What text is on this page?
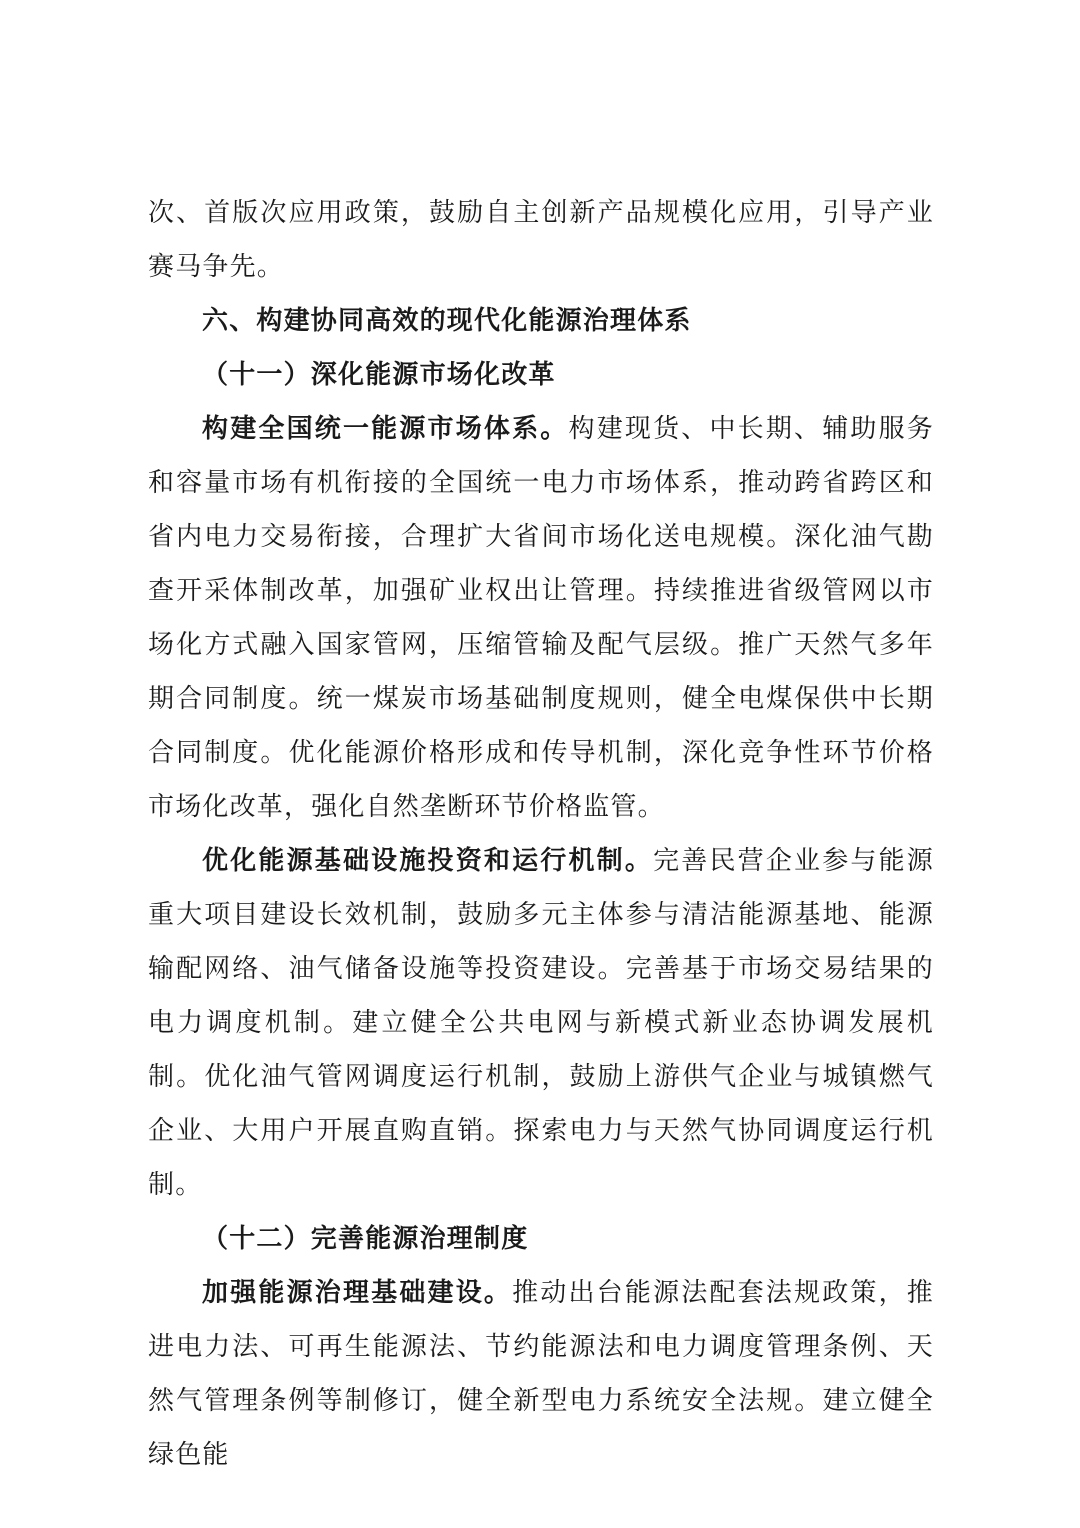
次、首版次应用政策，鼓励自主创新产品规模化应用，引导产业赛马争先。

六、构建协同高效的现代化能源治理体系

（十一）深化能源市场化改革

构建全国统一能源市场体系。构建现货、中长期、辅助服务和容量市场有机衔接的全国统一电力市场体系，推动跨省跨区和省内电力交易衔接，合理扩大省间市场化送电规模。深化油气勘查开采体制改革，加强矿业权出让管理。持续推进省级管网以市场化方式融入国家管网，压缩管输及配气层级。推广天然气多年期合同制度。统一煤炭市场基础制度规则，健全电煤保供中长期合同制度。优化能源价格形成和传导机制，深化竞争性环节价格市场化改革，强化自然垄断环节价格监管。

优化能源基础设施投资和运行机制。完善民营企业参与能源重大项目建设长效机制，鼓励多元主体参与清洁能源基地、能源输配网络、油气储备设施等投资建设。完善基于市场交易结果的电力调度机制。建立健全公共电网与新模式新业态协调发展机制。优化油气管网调度运行机制，鼓励上游供气企业与城镇燃气企业、大用户开展直购直销。探索电力与天然气协同调度运行机制。

（十二）完善能源治理制度

加强能源治理基础建设。推动出台能源法配套法规政策，推进电力法、可再生能源法、节约能源法和电力调度管理条例、天然气管理条例等制修订，健全新型电力系统安全法规。建立健全绿色能
